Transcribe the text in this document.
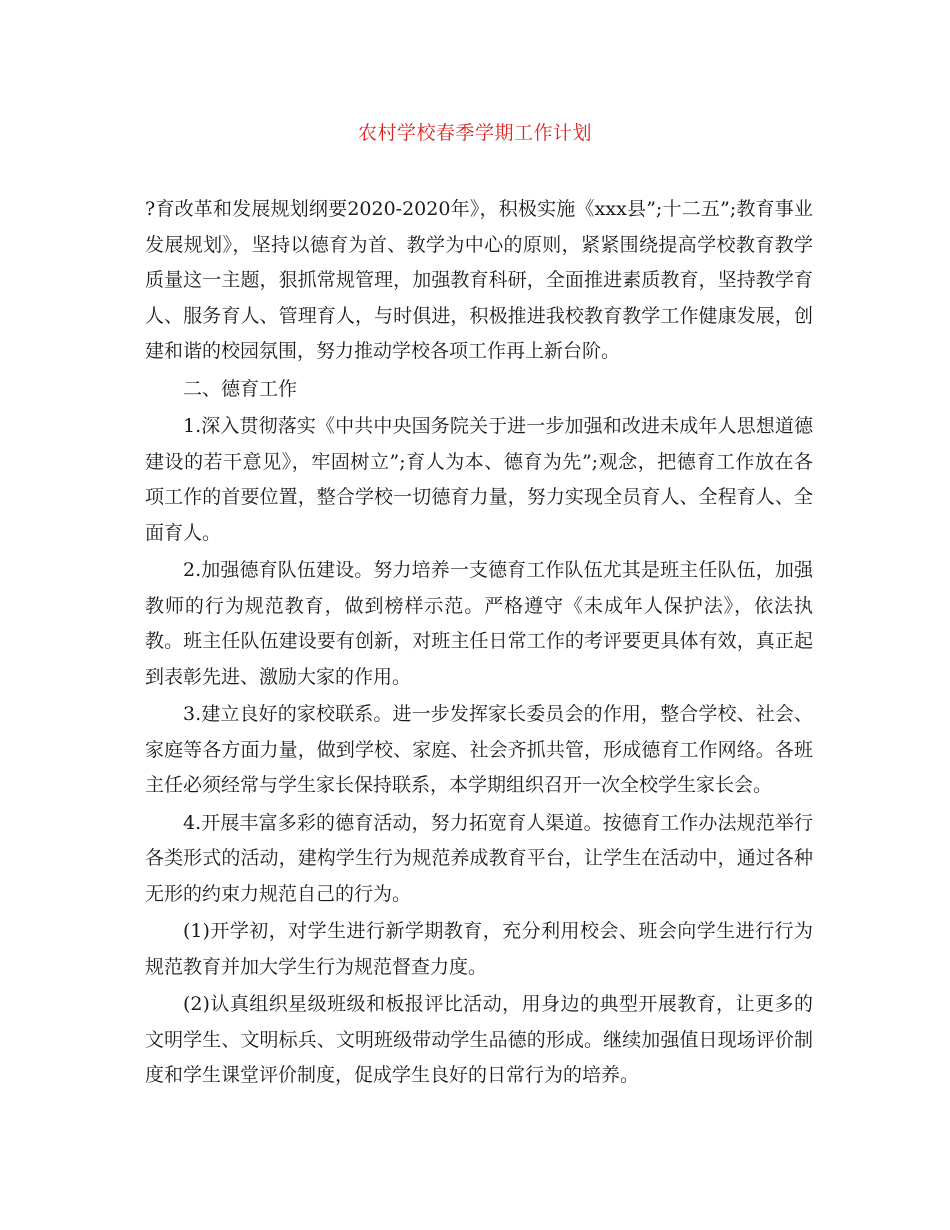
农村学校春季学期工作计划

?育改革和发展规划纲要2020-2020年》，积极实施《xxx县”;十二五”;教育事业发展规划》，坚持以德育为首、教学为中心的原则，紧紧围绕提高学校教育教学质量这一主题，狠抓常规管理，加强教育科研，全面推进素质教育，坚持教学育人、服务育人、管理育人，与时俱进，积极推进我校教育教学工作健康发展，创建和谐的校园氛围，努力推动学校各项工作再上新台阶。

二、德育工作

1.深入贯彻落实《中共中央国务院关于进一步加强和改进未成年人思想道德建设的若干意见》，牢固树立”;育人为本、德育为先”;观念，把德育工作放在各项工作的首要位置，整合学校一切德育力量，努力实现全员育人、全程育人、全面育人。

2.加强德育队伍建设。努力培养一支德育工作队伍尤其是班主任队伍，加强教师的行为规范教育，做到榜样示范。严格遵守《未成年人保护法》，依法执教。班主任队伍建设要有创新，对班主任日常工作的考评要更具体有效，真正起到表彰先进、激励大家的作用。

3.建立良好的家校联系。进一步发挥家长委员会的作用，整合学校、社会、家庭等各方面力量，做到学校、家庭、社会齐抓共管，形成德育工作网络。各班主任必须经常与学生家长保持联系，本学期组织召开一次全校学生家长会。

4.开展丰富多彩的德育活动，努力拓宽育人渠道。按德育工作办法规范举行各类形式的活动，建构学生行为规范养成教育平台，让学生在活动中，通过各种无形的约束力规范自己的行为。

(1)开学初，对学生进行新学期教育，充分利用校会、班会向学生进行行为规范教育并加大学生行为规范督查力度。

(2)认真组织星级班级和板报评比活动，用身边的典型开展教育，让更多的文明学生、文明标兵、文明班级带动学生品德的形成。继续加强值日现场评价制度和学生课堂评价制度，促成学生良好的日常行为的培养。
